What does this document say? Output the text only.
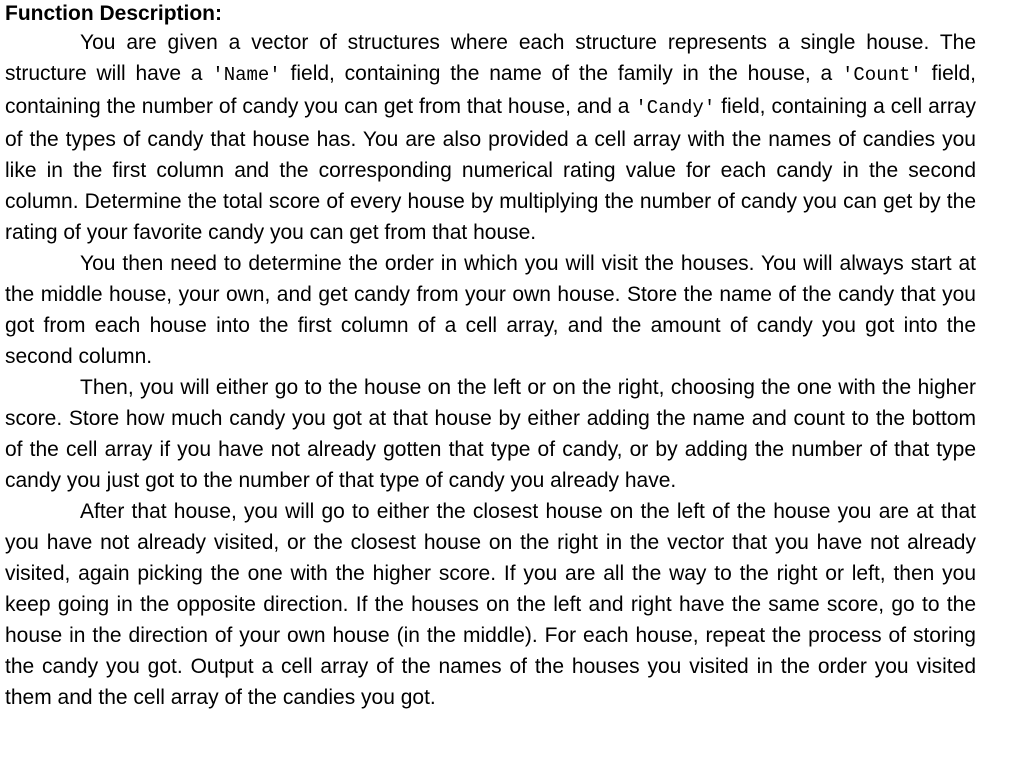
Function Description:

You are given a vector of structures where each structure represents a single house. The structure will have a 'Name' field, containing the name of the family in the house, a 'Count' field, containing the number of candy you can get from that house, and a 'Candy' field, containing a cell array of the types of candy that house has. You are also provided a cell array with the names of candies you like in the first column and the corresponding numerical rating value for each candy in the second column. Determine the total score of every house by multiplying the number of candy you can get by the rating of your favorite candy you can get from that house.

You then need to determine the order in which you will visit the houses. You will always start at the middle house, your own, and get candy from your own house. Store the name of the candy that you got from each house into the first column of a cell array, and the amount of candy you got into the second column.

Then, you will either go to the house on the left or on the right, choosing the one with the higher score. Store how much candy you got at that house by either adding the name and count to the bottom of the cell array if you have not already gotten that type of candy, or by adding the number of that type candy you just got to the number of that type of candy you already have.

After that house, you will go to either the closest house on the left of the house you are at that you have not already visited, or the closest house on the right in the vector that you have not already visited, again picking the one with the higher score. If you are all the way to the right or left, then you keep going in the opposite direction. If the houses on the left and right have the same score, go to the house in the direction of your own house (in the middle). For each house, repeat the process of storing the candy you got. Output a cell array of the names of the houses you visited in the order you visited them and the cell array of the candies you got.
